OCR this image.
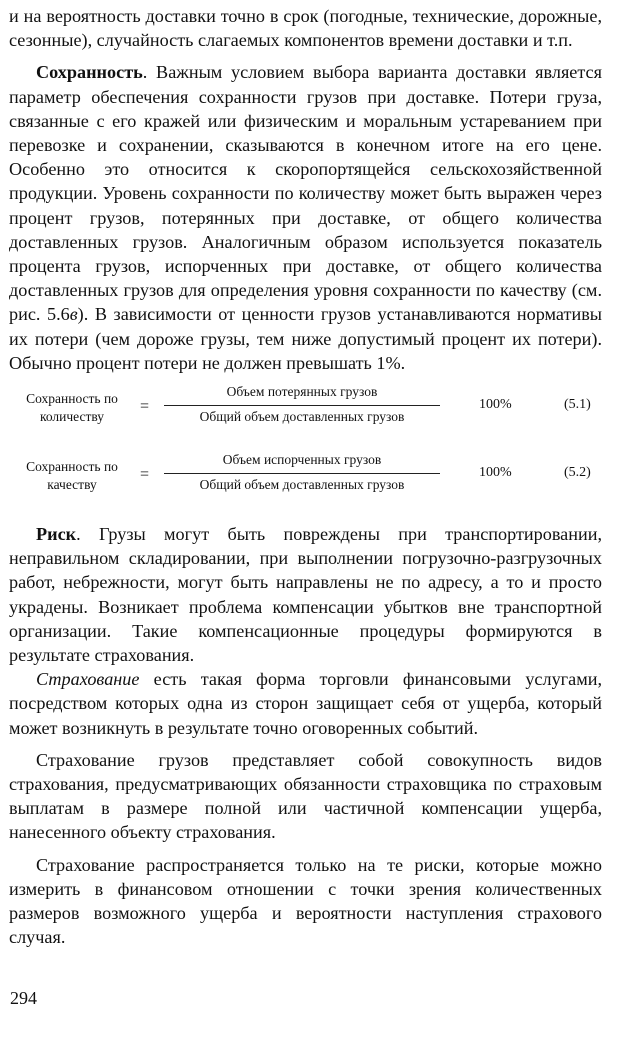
и на вероятность доставки точно в срок (погодные, технические, дорожные, сезонные), случайность слагаемых компонентов времени доставки и т.п.

Сохранность. Важным условием выбора варианта доставки является параметр обеспечения сохранности грузов при доставке. Потери груза, связанные с его кражей или физическим и моральным устареванием при перевозке и сохранении, сказываются в конечном итоге на его цене. Особенно это относится к скоропортящейся сельскохозяйственной продукции. Уровень сохранности по количеству может быть выражен через процент грузов, потерянных при доставке, от общего количества доставленных грузов. Аналогичным образом используется показатель процента грузов, испорченных при доставке, от общего количества доставленных грузов для определения уровня сохранности по качеству (см. рис. 5.6в). В зависимости от ценности грузов устанавливаются нормативы их потери (чем дороже грузы, тем ниже допустимый процент их потери). Обычно процент потери не должен превышать 1%.

Сохранность по
количеству
=
Объем потерянных грузов
Общий объем доставленных грузов
100%	(5.1)
Сохранность по
качеству
=
Объем испорченных грузов
Общий объем доставленных грузов
100%	(5.2)

Риск. Грузы могут быть повреждены при транспортировании, неправильном складировании, при выполнении погрузочно-разгрузочных работ, небрежности, могут быть направлены не по адресу, а то и просто украдены. Возникает проблема компенсации убытков вне транспортной организации. Такие компенсационные процедуры формируются в результате страхования.

Страхование есть такая форма торговли финансовыми услугами, посредством которых одна из сторон защищает себя от ущерба, который может возникнуть в результате точно оговоренных событий.

Страхование грузов представляет собой совокупность видов страхования, предусматривающих обязанности страховщика по страховым выплатам в размере полной или частичной компенсации ущерба, нанесенного объекту страхования.

Страхование распространяется только на те риски, которые можно измерить в финансовом отношении с точки зрения количественных размеров возможного ущерба и вероятности наступления страхового случая.

294
